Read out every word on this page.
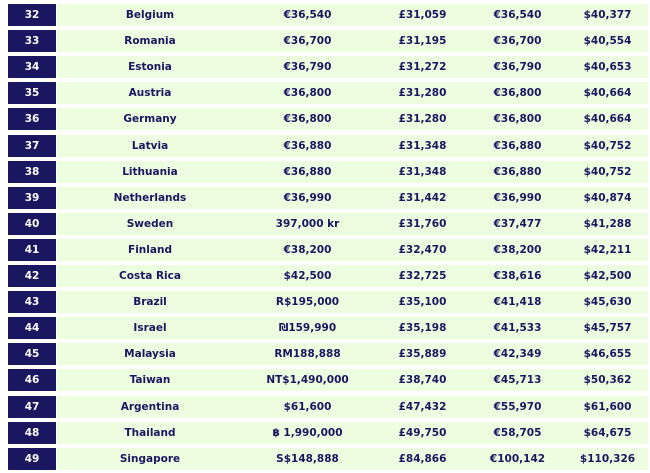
32	Belgium	€36,540	£31,059	€36,540	$40,377
33	Romania	€36,700	£31,195	€36,700	$40,554
34	Estonia	€36,790	£31,272	€36,790	$40,653
35	Austria	€36,800	£31,280	€36,800	$40,664
36	Germany	€36,800	£31,280	€36,800	$40,664
37	Latvia	€36,880	£31,348	€36,880	$40,752
38	Lithuania	€36,880	£31,348	€36,880	$40,752
39	Netherlands	€36,990	£31,442	€36,990	$40,874
40	Sweden	397,000 kr	£31,760	€37,477	$41,288
41	Finland	€38,200	£32,470	€38,200	$42,211
42	Costa Rica	$42,500	£32,725	€38,616	$42,500
43	Brazil	R$195,000	£35,100	€41,418	$45,630
44	Israel	₪159,990	£35,198	€41,533	$45,757
45	Malaysia	RM188,888	£35,889	€42,349	$46,655
46	Taiwan	NT$1,490,000	£38,740	€45,713	$50,362
47	Argentina	$61,600	£47,432	€55,970	$61,600
48	Thailand	฿ 1,990,000	£49,750	€58,705	$64,675
49	Singapore	S$148,888	£84,866	€100,142	$110,326
